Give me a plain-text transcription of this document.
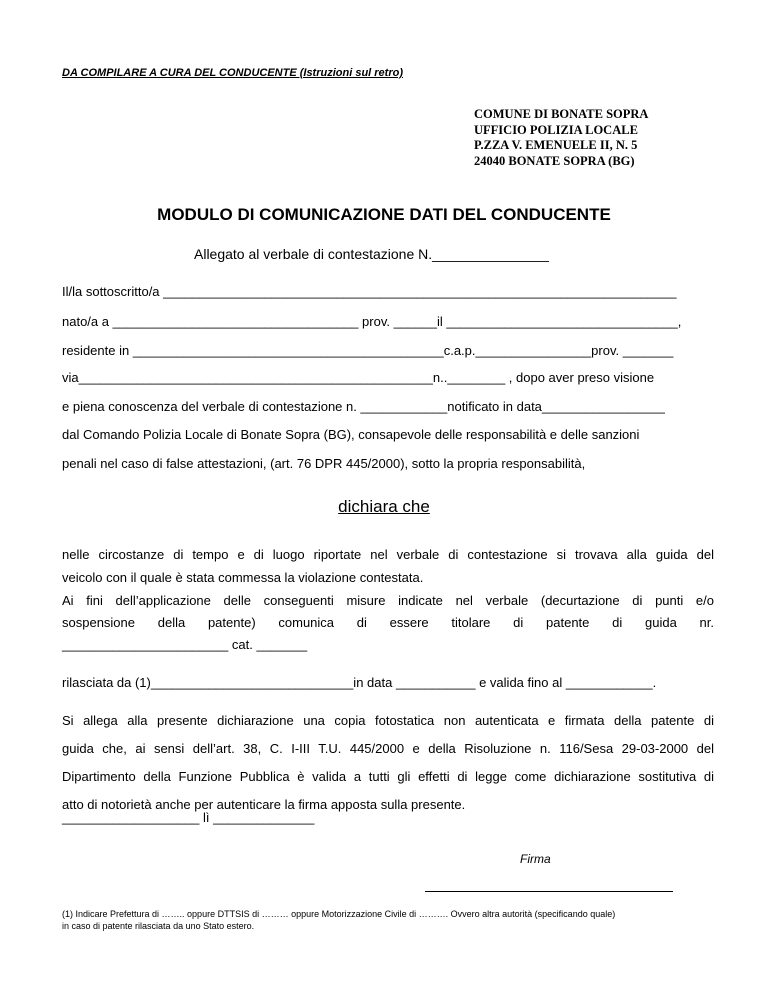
DA COMPILARE A CURA DEL CONDUCENTE (Istruzioni sul retro)
COMUNE DI BONATE SOPRA
UFFICIO POLIZIA LOCALE
P.ZZA V. EMENUELE II, N. 5
24040 BONATE SOPRA (BG)
MODULO DI COMUNICAZIONE DATI DEL CONDUCENTE
Allegato al verbale di contestazione N._______________
Il/la sottoscritto/a _______________________________________________________________________
nato/a a __________________________________ prov. ______il ________________________________,
residente in ___________________________________________c.a.p.________________prov. _______
via_________________________________________________n..________ , dopo aver preso visione
e piena conoscenza del verbale di contestazione n. ____________notificato in data_________________
dal Comando Polizia Locale di Bonate Sopra (BG), consapevole delle responsabilità e delle sanzioni
penali nel caso di false attestazioni, (art. 76 DPR 445/2000), sotto la propria responsabilità,
dichiara che
nelle circostanze di tempo e di luogo riportate nel verbale di contestazione si trovava alla guida del
veicolo con il quale è stata commessa la violazione contestata.
Ai fini dell’applicazione delle conseguenti misure indicate nel verbale (decurtazione di punti e/o
sospensione della patente) comunica di essere titolare di patente di guida nr.
_______________________ cat. _______
rilasciata da (1)____________________________in data ___________ e valida fino al ____________.
Si allega alla presente dichiarazione una copia fotostatica non autenticata e firmata della patente di
guida che, ai sensi dell’art. 38, C. I-III T.U. 445/2000 e della Risoluzione n. 116/Sesa 29-03-2000 del
Dipartimento della Funzione Pubblica è valida a tutti gli effetti di legge come dichiarazione sostitutiva di
atto di notorietà anche per autenticare la firma apposta sulla presente.
___________________ lì ______________
Firma
(1) Indicare Prefettura di …….. oppure DTTSIS di ……… oppure Motorizzazione Civile di ………. Ovvero altra autorità (specificando quale)
in caso di patente rilasciata da uno Stato estero.
